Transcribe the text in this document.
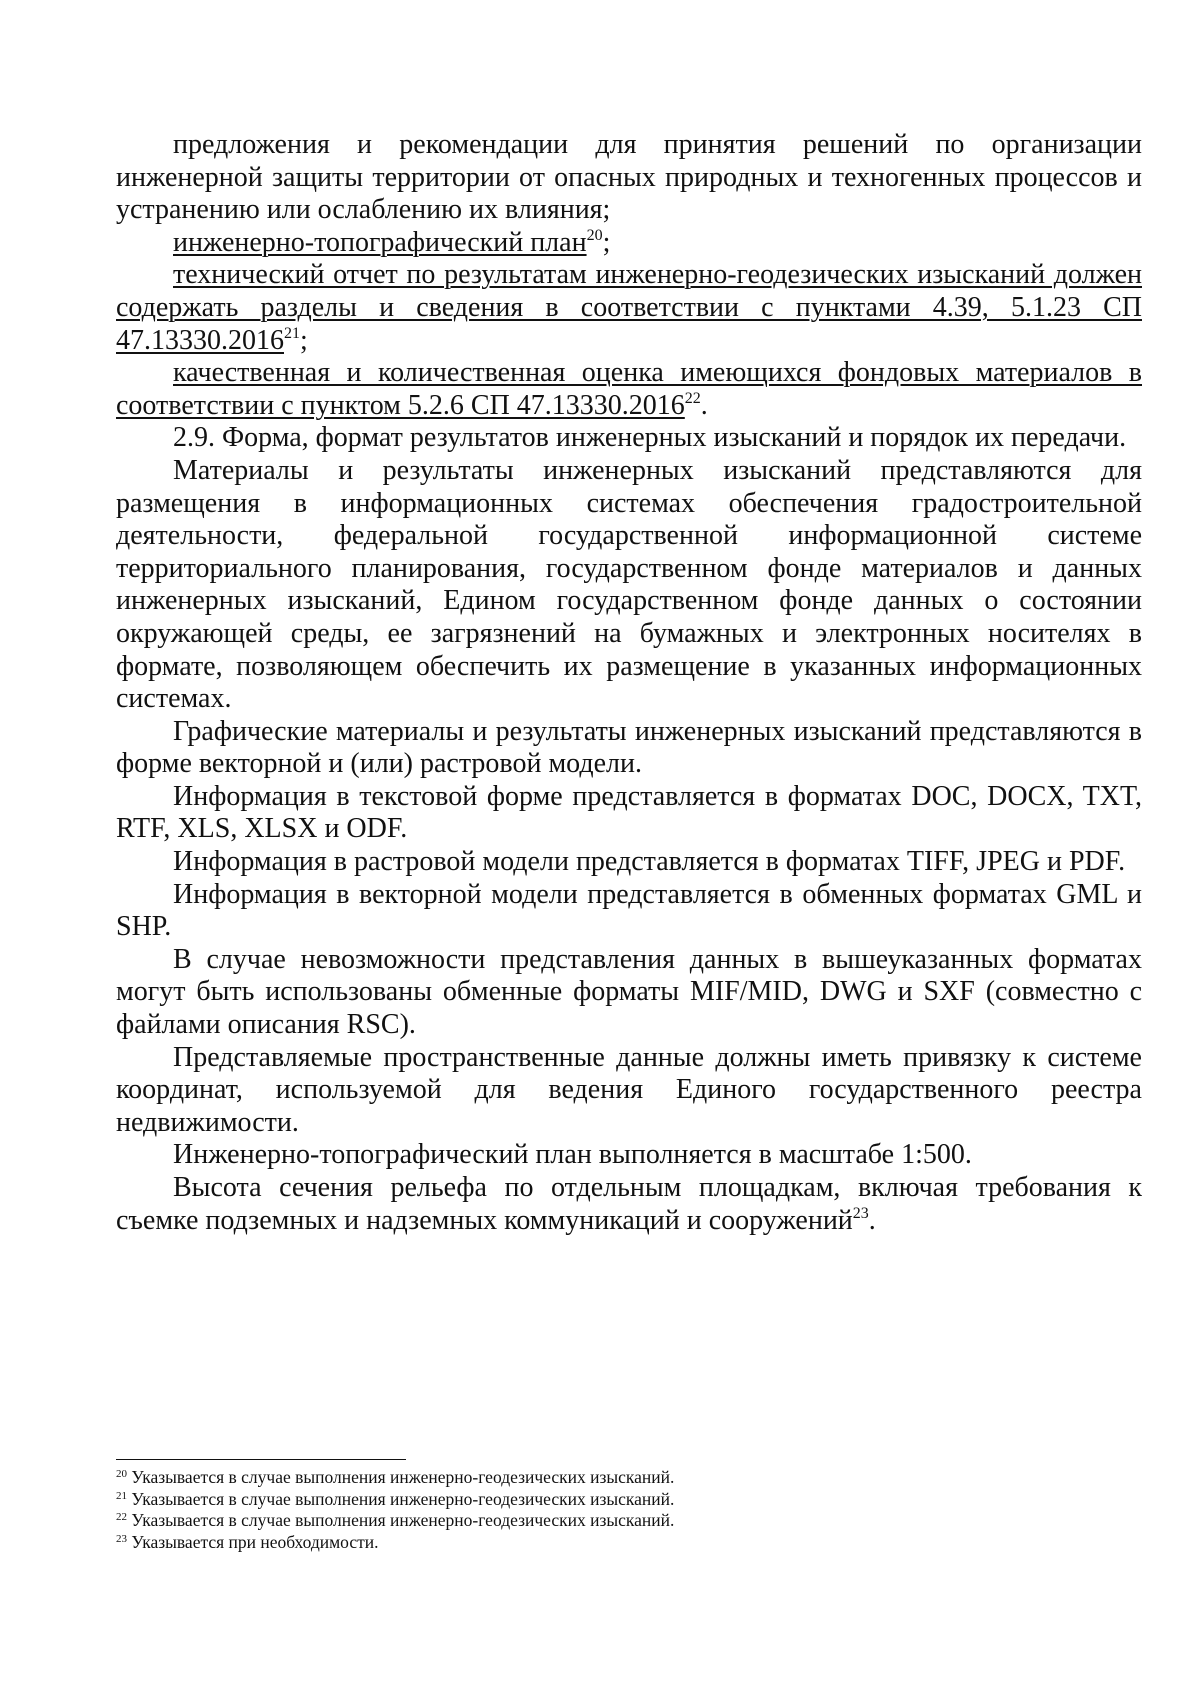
предложения и рекомендации для принятия решений по организации инженерной защиты территории от опасных природных и техногенных процессов и устранению или ослаблению их влияния;

инженерно-топографический план$^{20}$;

технический отчет по результатам инженерно-геодезических изысканий должен содержать разделы и сведения в соответствии с пунктами 4.39, 5.1.23 СП 47.13330.2016$^{21}$;

качественная и количественная оценка имеющихся фондовых материалов в соответствии с пунктом 5.2.6 СП 47.13330.2016$^{22}$.

2.9. Форма, формат результатов инженерных изысканий и порядок их передачи.

Материалы и результаты инженерных изысканий представляются для размещения в информационных системах обеспечения градостроительной деятельности, федеральной государственной информационной системе территориального планирования, государственном фонде материалов и данных инженерных изысканий, Едином государственном фонде данных о состоянии окружающей среды, ее загрязнений на бумажных и электронных носителях в формате, позволяющем обеспечить их размещение в указанных информационных системах.

Графические материалы и результаты инженерных изысканий представляются в форме векторной и (или) растровой модели.

Информация в текстовой форме представляется в форматах DOC, DOCX, TXT, RTF, XLS, XLSX и ODF.

Информация в растровой модели представляется в форматах TIFF, JPEG и PDF.

Информация в векторной модели представляется в обменных форматах GML и SHP.

В случае невозможности представления данных в вышеуказанных форматах могут быть использованы обменные форматы MIF/MID, DWG и SXF (совместно с файлами описания RSC).

Представляемые пространственные данные должны иметь привязку к системе координат, используемой для ведения Единого государственного реестра недвижимости.

Инженерно-топографический план выполняется в масштабе 1:500.

Высота сечения рельефа по отдельным площадкам, включая требования к съемке подземных и надземных коммуникаций и сооружений$^{23}$.

$^{20}$ Указывается в случае выполнения инженерно-геодезических изысканий.

$^{21}$ Указывается в случае выполнения инженерно-геодезических изысканий.

$^{22}$ Указывается в случае выполнения инженерно-геодезических изысканий.

$^{23}$ Указывается при необходимости.
